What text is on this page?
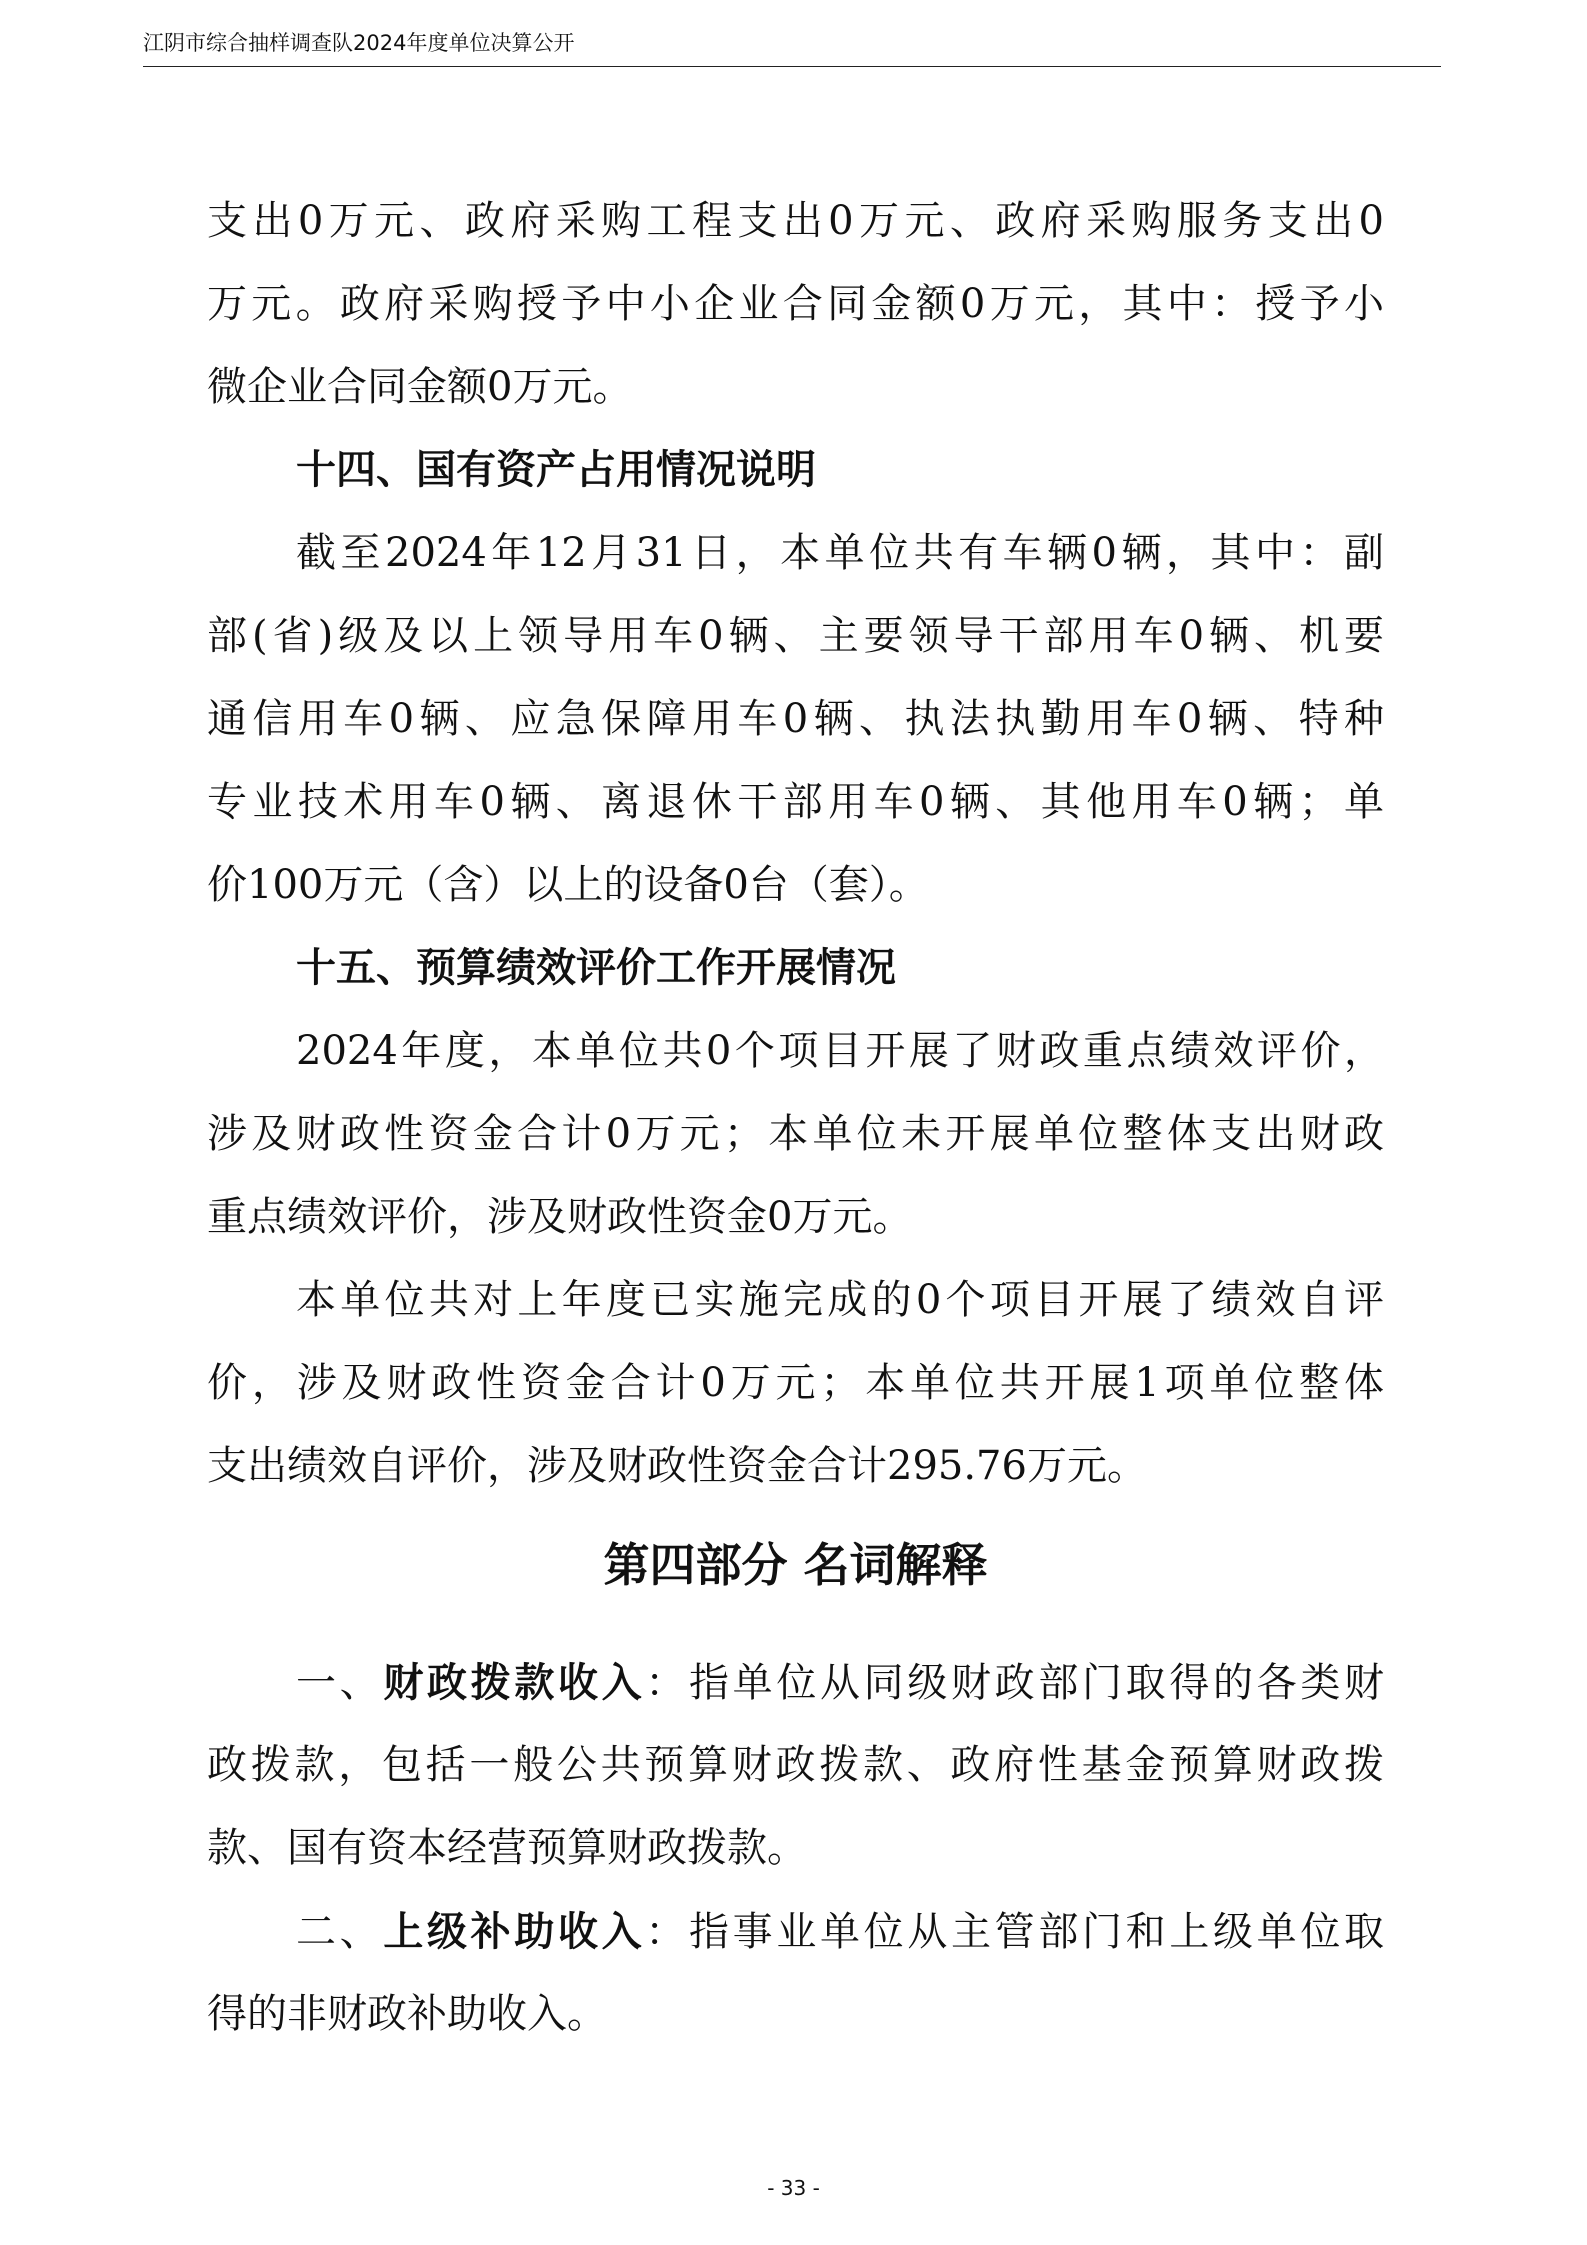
江阴市综合抽样调查队2024年度单位决算公开
支出0万元、政府采购工程支出0万元、政府采购服务支出0
万元。政府采购授予中小企业合同金额0万元，其中：授予小
微企业合同金额0万元。
十四、国有资产占用情况说明
截至2024年12月31日，本单位共有车辆0辆，其中：副
部(省)级及以上领导用车0辆、主要领导干部用车0辆、机要
通信用车0辆、应急保障用车0辆、执法执勤用车0辆、特种
专业技术用车0辆、离退休干部用车0辆、其他用车0辆；单
价100万元（含）以上的设备0台（套）。
十五、预算绩效评价工作开展情况
2024年度，本单位共0个项目开展了财政重点绩效评价，
涉及财政性资金合计0万元；本单位未开展单位整体支出财政
重点绩效评价，涉及财政性资金0万元。
本单位共对上年度已实施完成的0个项目开展了绩效自评
价，涉及财政性资金合计0万元；本单位共开展1项单位整体
支出绩效自评价，涉及财政性资金合计295.76万元。
第四部分 名词解释
一、财政拨款收入：指单位从同级财政部门取得的各类财
政拨款，包括一般公共预算财政拨款、政府性基金预算财政拨
款、国有资本经营预算财政拨款。
二、上级补助收入：指事业单位从主管部门和上级单位取
得的非财政补助收入。
- 33 -
